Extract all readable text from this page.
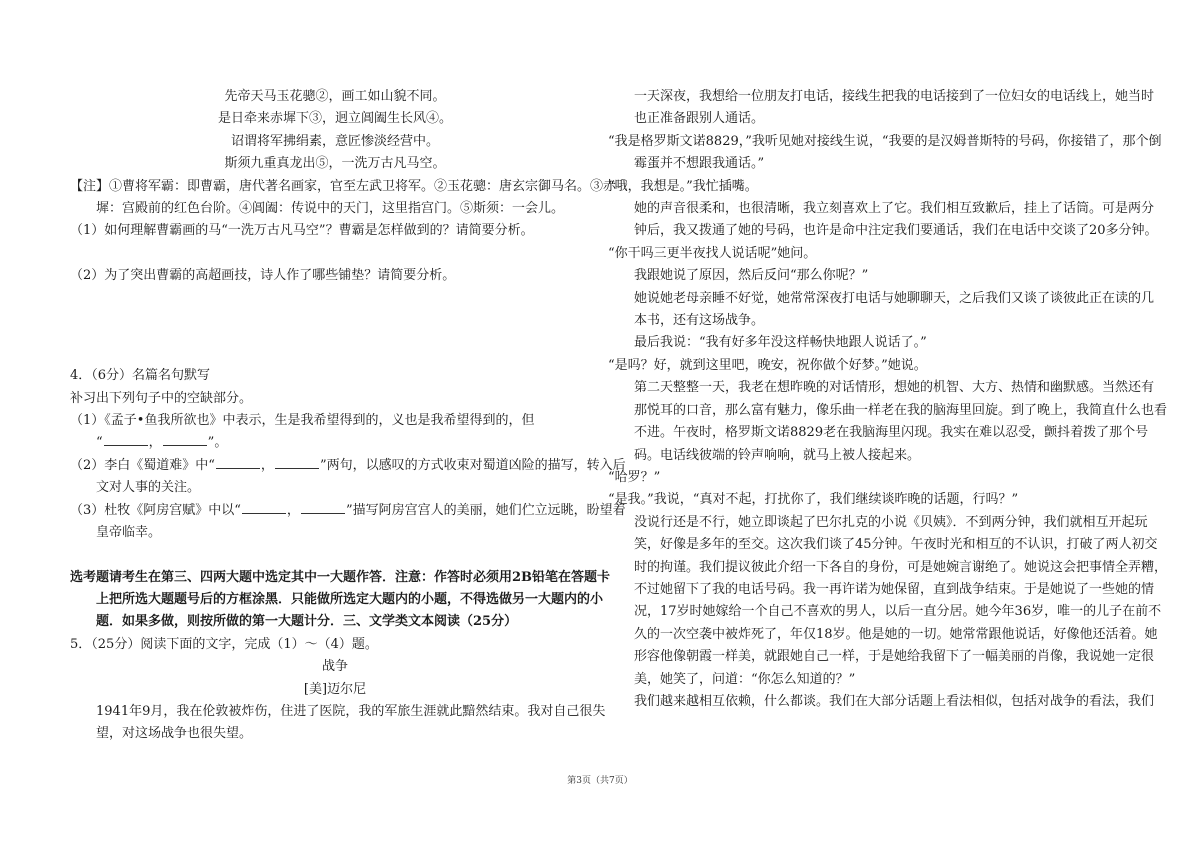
先帝天马玉花骢②，画工如山貌不同。
是日牵来赤墀下③，迥立阊阖生长风④。
诏谓将军拂绢素，意匠惨淡经营中。
斯须九重真龙出⑤，一洗万古凡马空。
【注】①曹将军霸：即曹霸，唐代著名画家，官至左武卫将军。②玉花骢：唐玄宗御马名。③赤
墀：宫殿前的红色台阶。④阊阖：传说中的天门，这里指宫门。⑤斯须：一会儿。
（1）如何理解曹霸画的马“一洗万古凡马空”？曹霸是怎样做到的？请简要分析。
（2）为了突出曹霸的高超画技，诗人作了哪些铺垫？请简要分析。
4．（6分）名篇名句默写
补习出下列句子中的空缺部分。
（1）《孟子•鱼我所欲也》中表示，生是我希望得到的，义也是我希望得到的，但
“	，	”。
（2）李白《蜀道难》中“	，	”两句，以感叹的方式收束对蜀道凶险的描写，转入后
文对人事的关注。
（3）杜牧《阿房宫赋》中以“	，	”描写阿房宫宫人的美丽，她们伫立远眺，盼望着
皇帝临幸。
选考题请考生在第三、四两大题中选定其中一大题作答．注意：作答时必须用2B铅笔在答题卡
上把所选大题题号后的方框涂黑．只能做所选定大题内的小题，不得选做另一大题内的小
题．如果多做，则按所做的第一大题计分．三、文学类文本阅读（25分）
5．（25分）阅读下面的文字，完成（1）～（4）题。
战争
[美]迈尔尼
1941年9月，我在伦敦被炸伤，住进了医院，我的军旅生涯就此黯然结束。我对自己很失
望，对这场战争也很失望。
一天深夜，我想给一位朋友打电话，接线生把我的电话接到了一位妇女的电话线上，她当时
也正准备跟别人通话。
“我是格罗斯文诺8829，”我听见她对接线生说，“我要的是汉姆普斯特的号码，你接错了，那个倒
霉蛋并不想跟我通话。”
“哦，我想是。”我忙插嘴。
她的声音很柔和，也很清晰，我立刻喜欢上了它。我们相互致歉后，挂上了话筒。可是两分
钟后，我又拨通了她的号码，也许是命中注定我们要通话，我们在电话中交谈了20多分钟。
“你干吗三更半夜找人说话呢”她问。
我跟她说了原因，然后反问“那么你呢？”
她说她老母亲睡不好觉，她常常深夜打电话与她聊聊天，之后我们又谈了谈彼此正在读的几
本书，还有这场战争。
最后我说：“我有好多年没这样畅快地跟人说话了。”
“是吗？好，就到这里吧，晚安，祝你做个好梦。”她说。
第二天整整一天，我老在想昨晚的对话情形，想她的机智、大方、热情和幽默感。当然还有
那悦耳的口音，那么富有魅力，像乐曲一样老在我的脑海里回旋。到了晚上，我简直什么也看
不进。午夜时，格罗斯文诺8829老在我脑海里闪现。我实在难以忍受，颤抖着拨了那个号
码。电话线彼端的铃声响响，就马上被人接起来。
“哈罗？”
“是我。”我说，“真对不起，打扰你了，我们继续谈昨晚的话题，行吗？”
没说行还是不行，她立即谈起了巴尔扎克的小说《贝姨》．不到两分钟，我们就相互开起玩
笑，好像是多年的至交。这次我们谈了45分钟。午夜时光和相互的不认识，打破了两人初交
时的拘谨。我们提议彼此介绍一下各自的身份，可是她婉言谢绝了。她说这会把事情全弄糟，
不过她留下了我的电话号码。我一再许诺为她保留，直到战争结束。于是她说了一些她的情
况，17岁时她嫁给一个自己不喜欢的男人，以后一直分居。她今年36岁，唯一的儿子在前不
久的一次空袭中被炸死了，年仅18岁。他是她的一切。她常常跟他说话，好像他还活着。她
形容他像朝霞一样美，就跟她自己一样，于是她给我留下了一幅美丽的肖像，我说她一定很
美，她笑了，问道：“你怎么知道的？”
我们越来越相互依赖，什么都谈。我们在大部分话题上看法相似，包括对战争的看法，我们
第3页（共7页）
